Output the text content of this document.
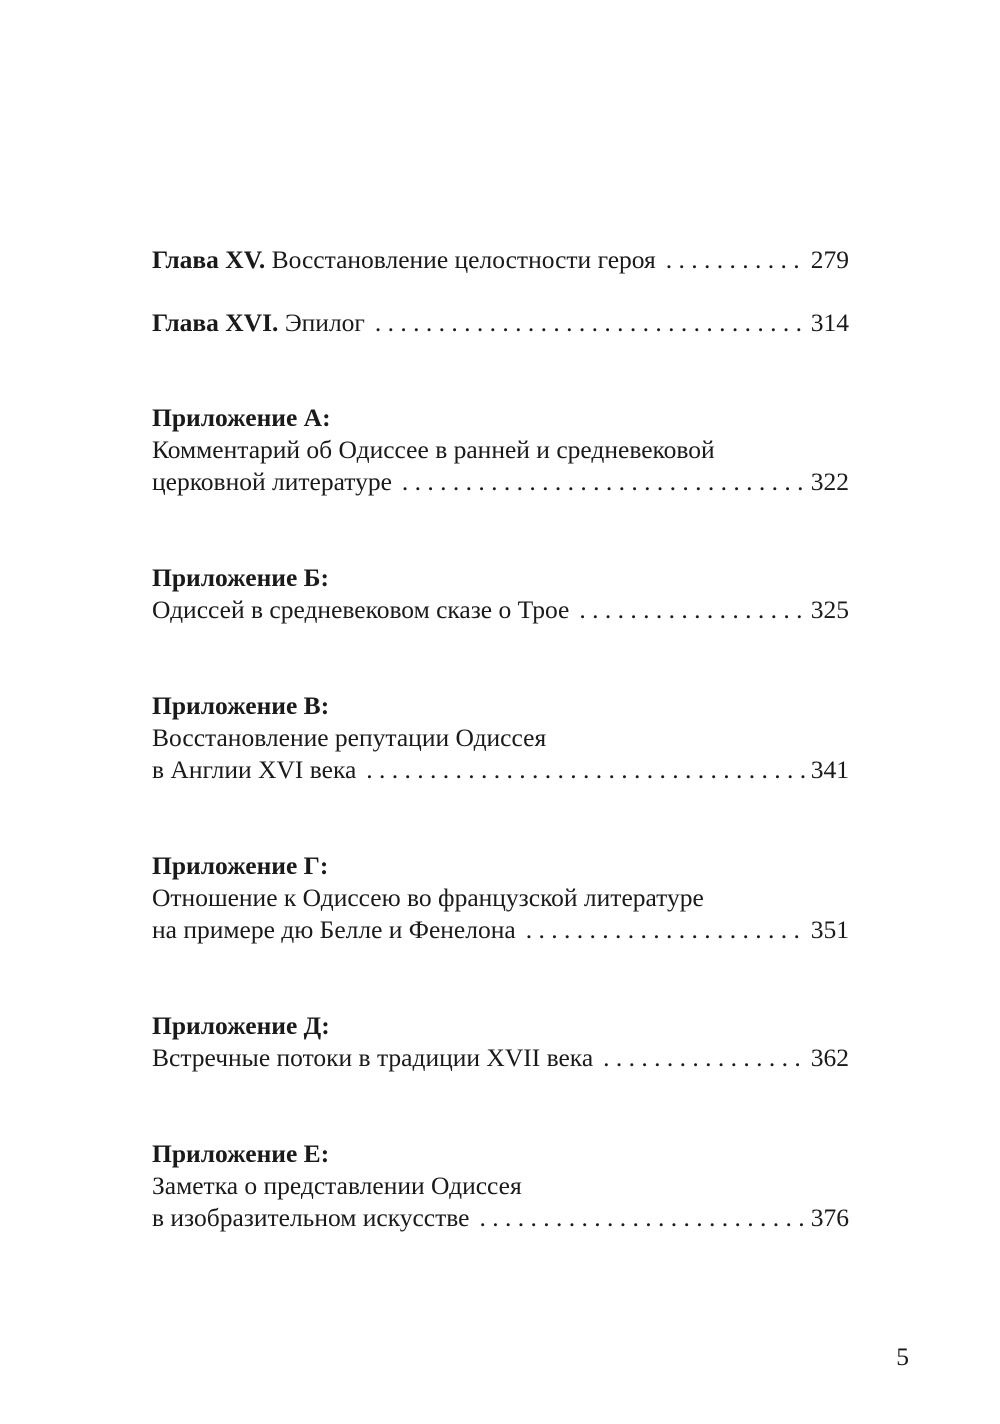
Глава XV.
Восстановление целостности героя . . .	279
Глава XVI.
Эпилог . . .	314
Приложение А:
Комментарий об Одиссее в ранней и средневековой
церковной литературе . . .	322
Приложение Б:
Одиссей в средневековом сказе о Трое . . .	325
Приложение В:
Восстановление репутации Одиссея
в Англии XVI века . . .	341
Приложение Г:
Отношение к Одиссею во французской литературе
на примере дю Белле и Фенелона . . .	351
Приложение Д:
Встречные потоки в традиции XVII века . . .	362
Приложение Е:
Заметка о представлении Одиссея
в изобразительном искусстве . . .	376
5
